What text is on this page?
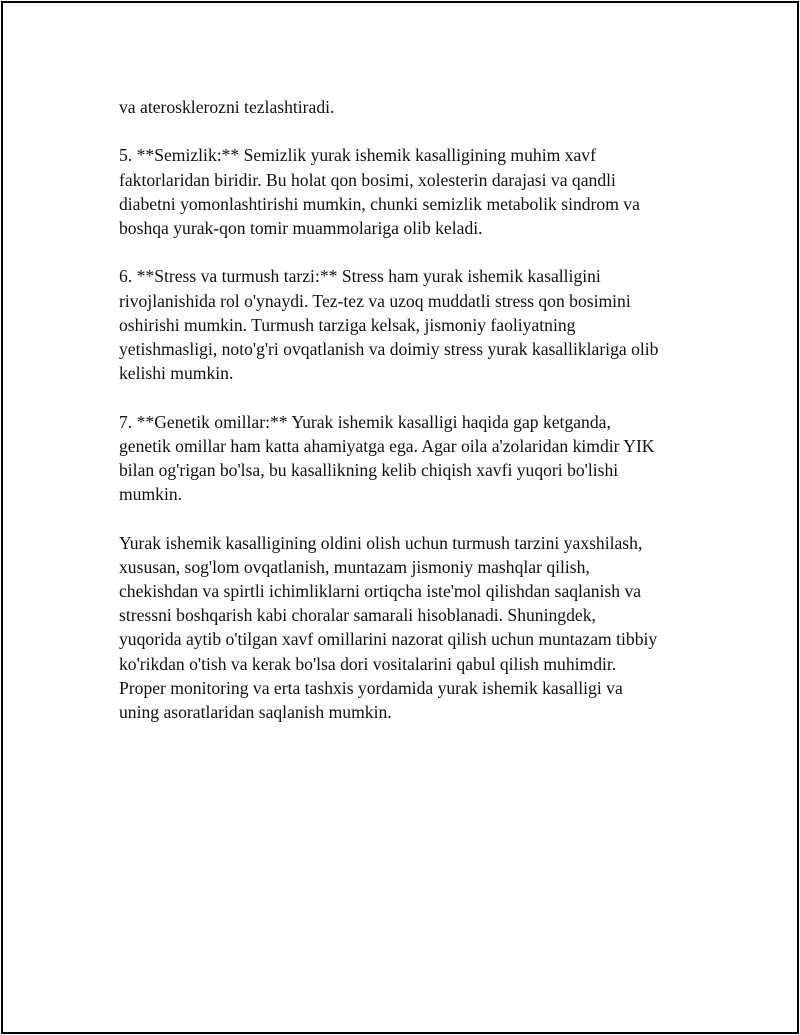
va aterosklerozni tezlashtiradi.

5. **Semizlik:** Semizlik yurak ishemik kasalligining muhim xavf
faktorlaridan biridir. Bu holat qon bosimi, xolesterin darajasi va qandli
diabetni yomonlashtirishi mumkin, chunki semizlik metabolik sindrom va
boshqa yurak-qon tomir muammolariga olib keladi.

6. **Stress va turmush tarzi:** Stress ham yurak ishemik kasalligini
rivojlanishida rol o'ynaydi. Tez-tez va uzoq muddatli stress qon bosimini
oshirishi mumkin. Turmush tarziga kelsak, jismoniy faoliyatning
yetishmasligi, noto'g'ri ovqatlanish va doimiy stress yurak kasalliklariga olib
kelishi mumkin.

7. **Genetik omillar:** Yurak ishemik kasalligi haqida gap ketganda,
genetik omillar ham katta ahamiyatga ega. Agar oila a'zolaridan kimdir YIK
bilan og'rigan bo'lsa, bu kasallikning kelib chiqish xavfi yuqori bo'lishi
mumkin.

Yurak ishemik kasalligining oldini olish uchun turmush tarzini yaxshilash,
xususan, sog'lom ovqatlanish, muntazam jismoniy mashqlar qilish,
chekishdan va spirtli ichimliklarni ortiqcha iste'mol qilishdan saqlanish va
stressni boshqarish kabi choralar samarali hisoblanadi. Shuningdek,
yuqorida aytib o'tilgan xavf omillarini nazorat qilish uchun muntazam tibbiy
ko'rikdan o'tish va kerak bo'lsa dori vositalarini qabul qilish muhimdir.
Proper monitoring va erta tashxis yordamida yurak ishemik kasalligi va
uning asoratlaridan saqlanish mumkin.
